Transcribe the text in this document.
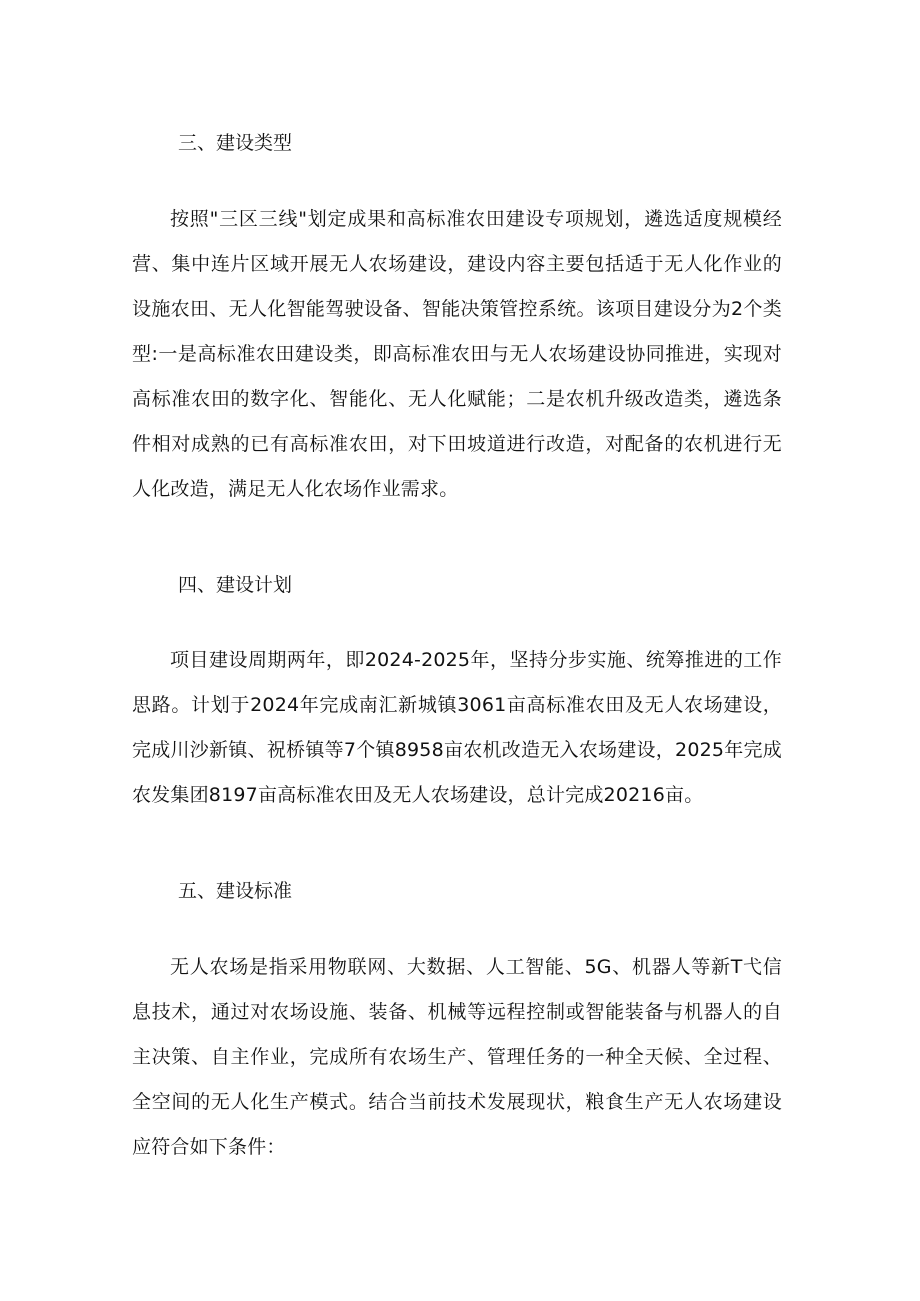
三、建设类型

按照"三区三线"划定成果和高标准农田建设专项规划，遴选适度规模经营、集中连片区域开展无人农场建设，建设内容主要包括适于无人化作业的设施农田、无人化智能驾驶设备、智能决策管控系统。该项目建设分为2个类型:一是高标准农田建设类，即高标准农田与无人农场建设协同推进，实现对高标准农田的数字化、智能化、无人化赋能；二是农机升级改造类，遴选条件相对成熟的已有高标准农田，对下田坡道进行改造，对配备的农机进行无人化改造，满足无人化农场作业需求。

四、建设计划

项目建设周期两年，即2024-2025年，坚持分步实施、统筹推进的工作思路。计划于2024年完成南汇新城镇3061亩高标准农田及无人农场建设，完成川沙新镇、祝桥镇等7个镇8958亩农机改造无入农场建设，2025年完成农发集团8197亩高标准农田及无人农场建设，总计完成20216亩。

五、建设标准

无人农场是指采用物联网、大数据、人工智能、5G、机器人等新T弋信息技术，通过对农场设施、装备、机械等远程控制或智能装备与机器人的自主决策、自主作业，完成所有农场生产、管理任务的一种全天候、全过程、全空间的无人化生产模式。结合当前技术发展现状，粮食生产无人农场建设应符合如下条件：
